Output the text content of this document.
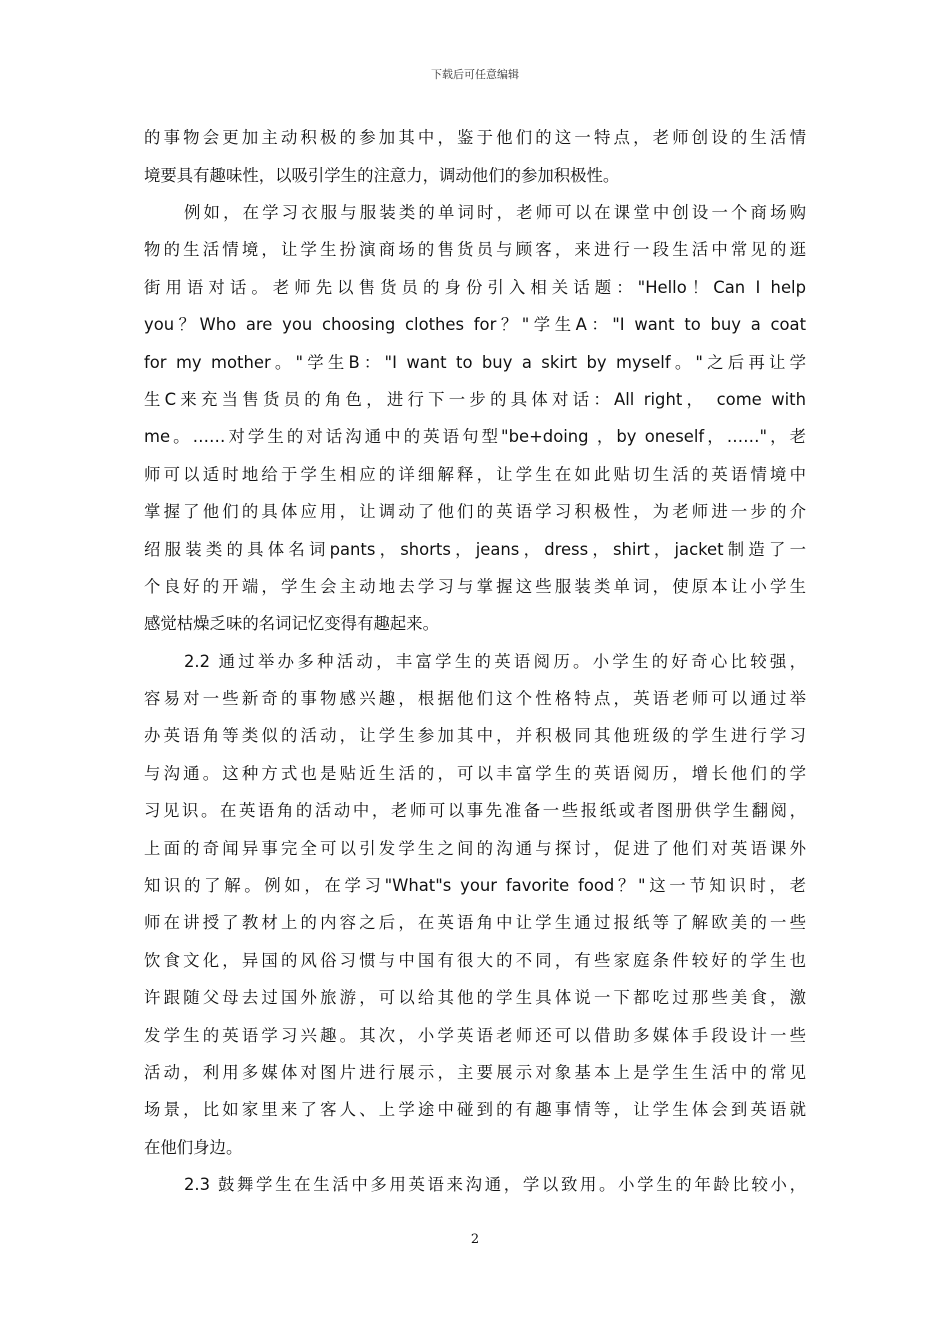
下载后可任意编辑
的事物会更加主动积极的参加其中，鉴于他们的这一特点，老师创设的生活情
境要具有趣味性，以吸引学生的注意力，调动他们的参加积极性。
例如，在学习衣服与服装类的单词时，老师可以在课堂中创设一个商场购
物的生活情境，让学生扮演商场的售货员与顾客，来进行一段生活中常见的逛
街用语对话。老师先以售货员的身份引入相关话题："Hello！Can I help
you？Who are you choosing clothes for？"学生A："I want to buy a coat
for my mother。"学生B："I want to buy a skirt by myself。"之后再让学
生C来充当售货员的角色，进行下一步的具体对话：All right， come with
me。……对学生的对话沟通中的英语句型"be+doing ，by oneself，……"，老
师可以适时地给于学生相应的详细解释，让学生在如此贴切生活的英语情境中
掌握了他们的具体应用，让调动了他们的英语学习积极性，为老师进一步的介
绍服装类的具体名词pants，shorts，jeans，dress，shirt，jacket制造了一
个良好的开端，学生会主动地去学习与掌握这些服装类单词，使原本让小学生
感觉枯燥乏味的名词记忆变得有趣起来。
2.2 通过举办多种活动，丰富学生的英语阅历。小学生的好奇心比较强，
容易对一些新奇的事物感兴趣，根据他们这个性格特点，英语老师可以通过举
办英语角等类似的活动，让学生参加其中，并积极同其他班级的学生进行学习
与沟通。这种方式也是贴近生活的，可以丰富学生的英语阅历，增长他们的学
习见识。在英语角的活动中，老师可以事先准备一些报纸或者图册供学生翻阅，
上面的奇闻异事完全可以引发学生之间的沟通与探讨，促进了他们对英语课外
知识的了解。例如，在学习"What"s your favorite food？"这一节知识时，老
师在讲授了教材上的内容之后，在英语角中让学生通过报纸等了解欧美的一些
饮食文化，异国的风俗习惯与中国有很大的不同，有些家庭条件较好的学生也
许跟随父母去过国外旅游，可以给其他的学生具体说一下都吃过那些美食，激
发学生的英语学习兴趣。其次，小学英语老师还可以借助多媒体手段设计一些
活动，利用多媒体对图片进行展示，主要展示对象基本上是学生生活中的常见
场景，比如家里来了客人、上学途中碰到的有趣事情等，让学生体会到英语就
在他们身边。
2.3 鼓舞学生在生活中多用英语来沟通，学以致用。小学生的年龄比较小，
2
